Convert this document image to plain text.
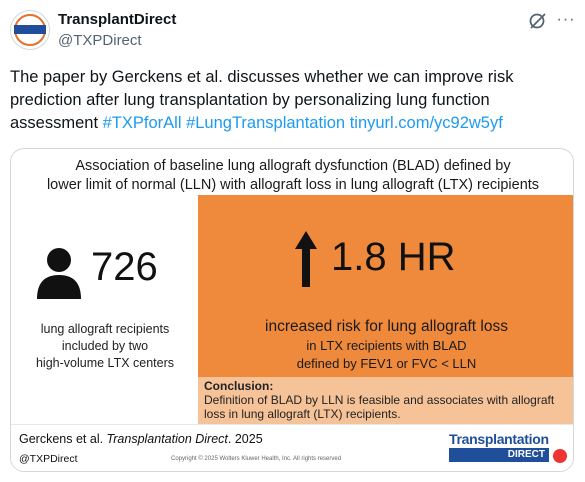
TransplantDirect
@TXPDirect
···
The paper by Gerckens et al. discusses whether we can improve risk prediction after lung transplantation by personalizing lung function assessment #TXPforAll #LungTransplantation tinyurl.com/yc92w5yf
Association of baseline lung allograft dysfunction (BLAD) defined by
lower limit of normal (LLN) with allograft loss in lung allograft (LTX) recipients
726
lung allograft recipients
included by two
high-volume LTX centers
1.8 HR
increased risk for lung allograft loss
in LTX recipients with BLAD
defined by FEV1 or FVC < LLN
Conclusion:
Definition of BLAD by LLN is feasible and associates with allograft loss in lung allograft (LTX) recipients.
Gerckens et al. Transplantation Direct. 2025
@TXPDirect	Copyright © 2025 Wolters Kluwer Health, Inc. All rights reserved
Transplantation
DIRECT
